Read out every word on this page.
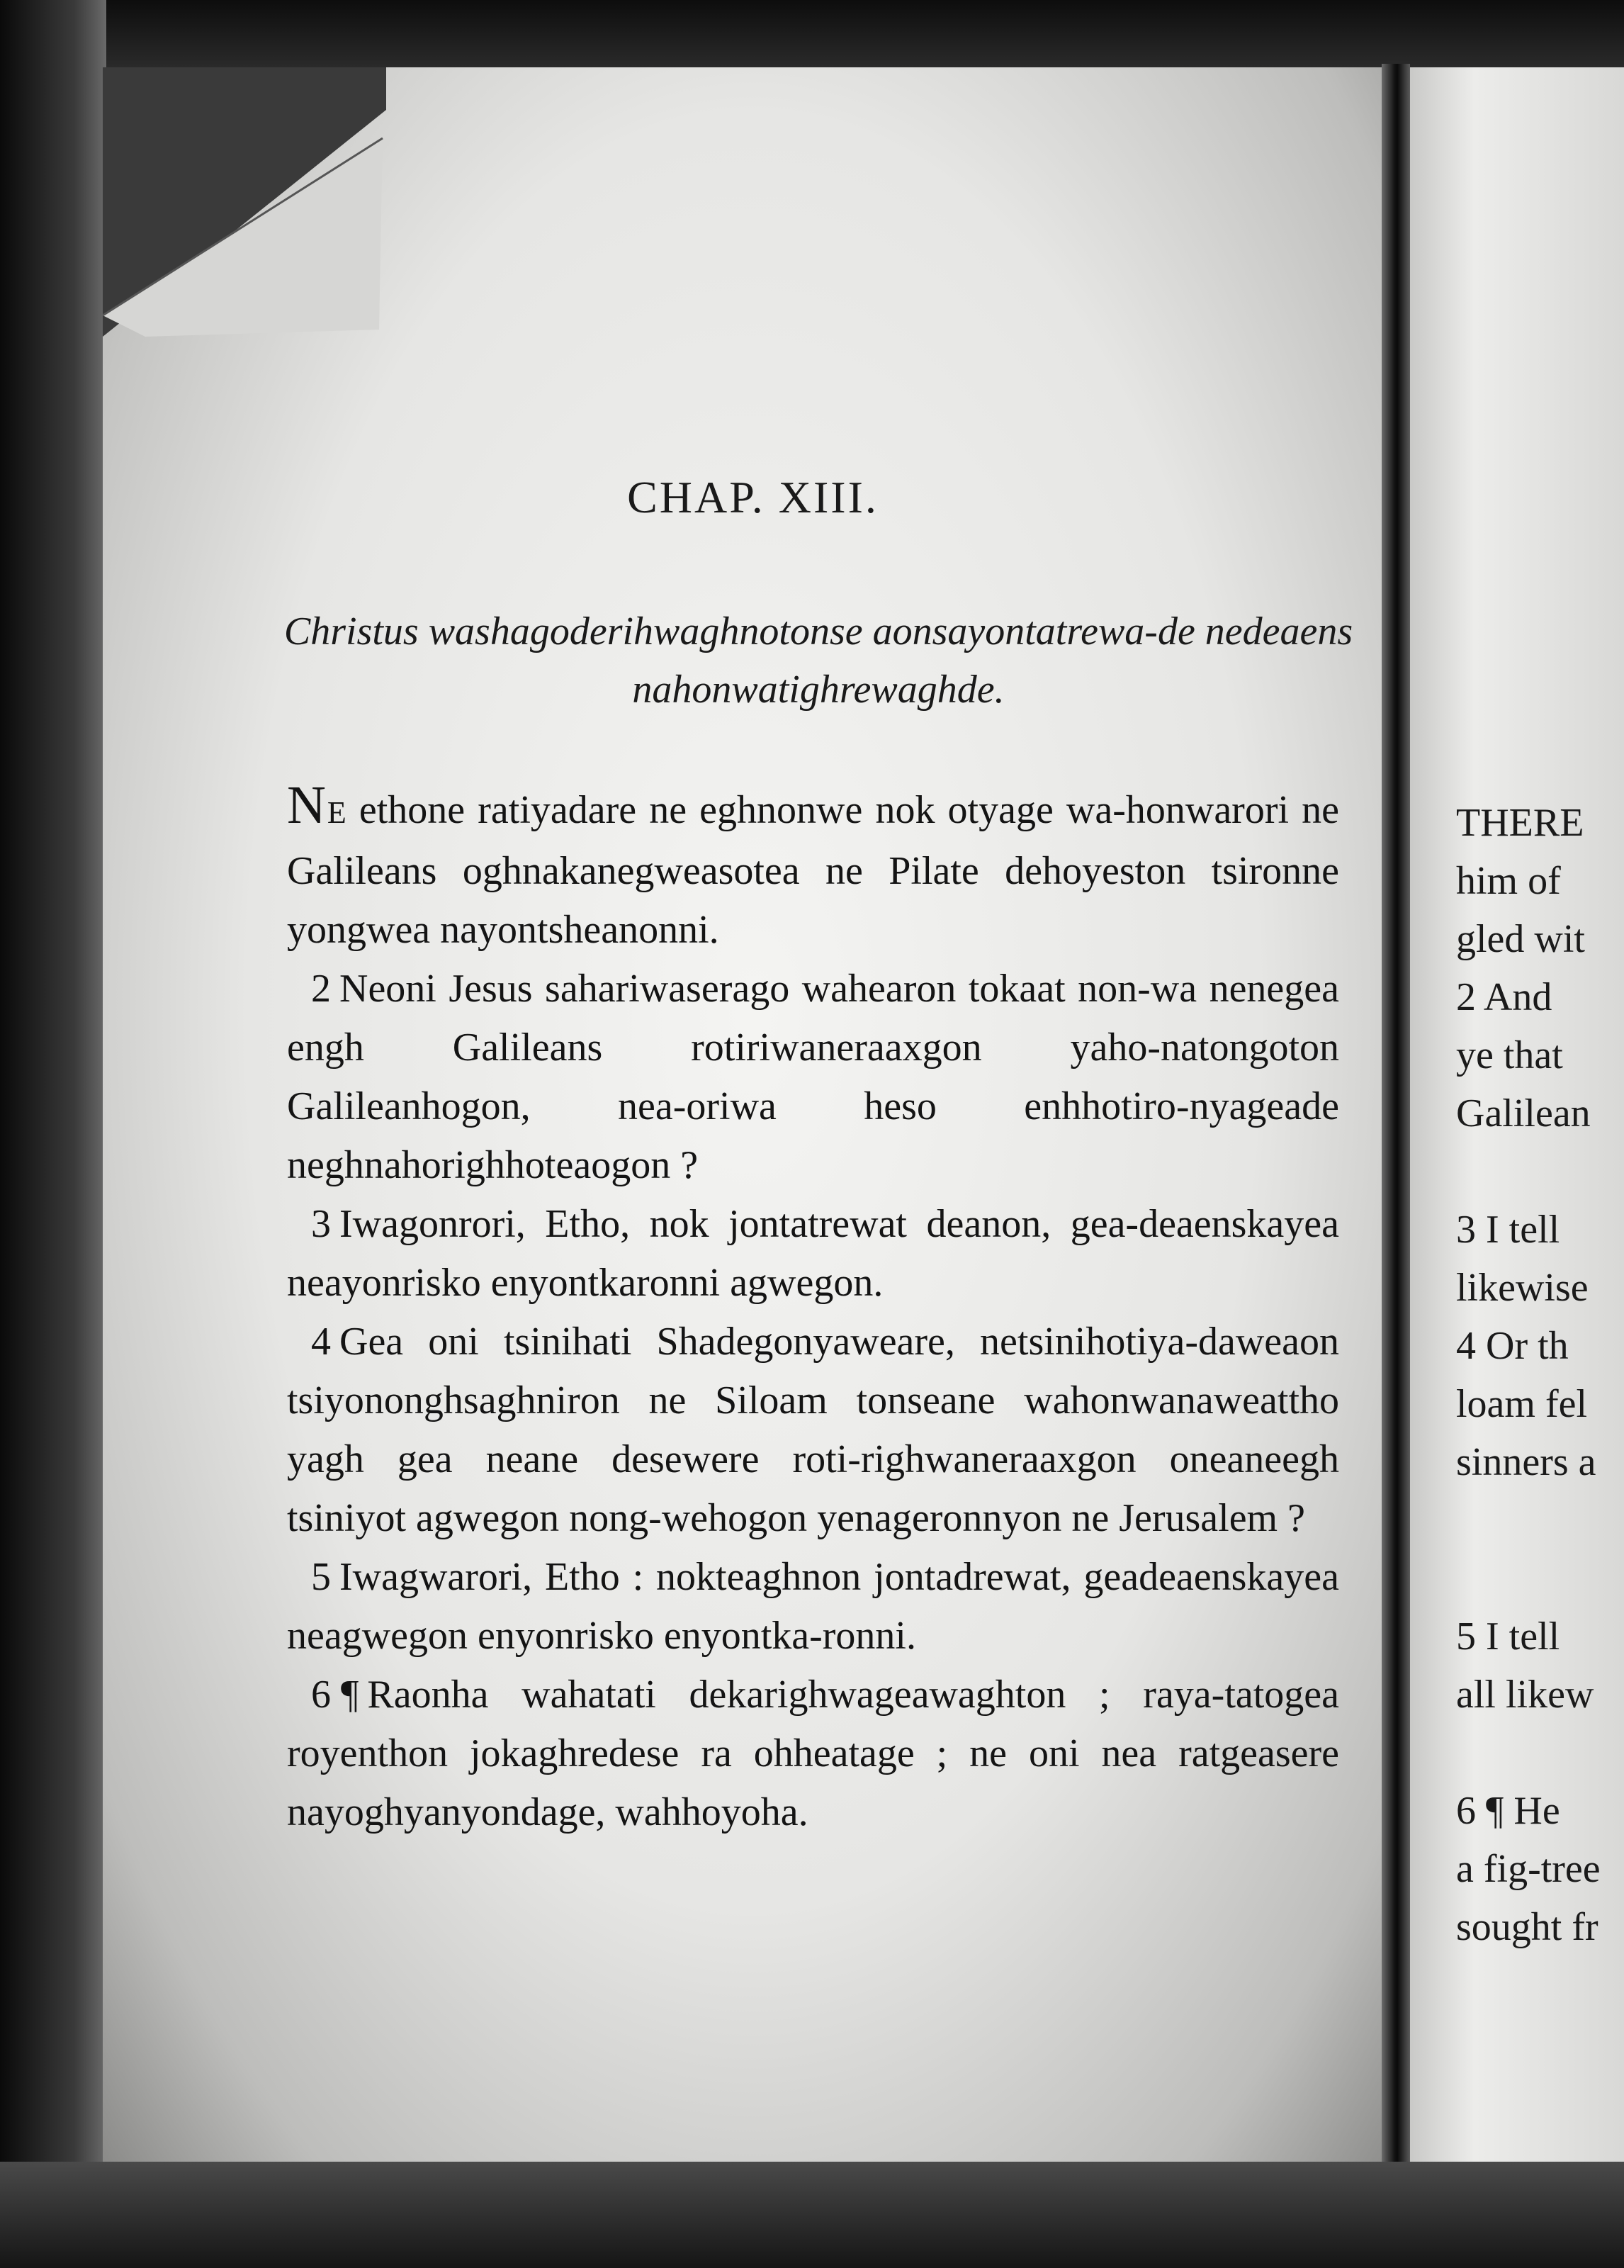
THERE
him of
gled wit
2 And
ye that
Galilean
3 I tell
likewise
4 Or th
loam fel
sinners a
5 I tell
all likew
6 ¶ He
a fig-tree
sought fr
CHAP. XIII.

Christus washagoderihwaghnotonse aonsayontatrewa-de nedeaens nahonwatighrewaghde.

NE ethone ratiyadare ne eghnonwe nok otyage wa-honwarori ne Galileans oghnakanegweasotea ne Pilate dehoyeston tsironne yongwea nayontsheanonni.

2 Neoni Jesus sahariwaserago wahearon tokaat non-wa nenegea engh Galileans rotiriwaneraaxgon yaho-natongoton Galileanhogon, nea-oriwa heso enhhotiro-nyageade neghnahorighhoteaogon ?

3 Iwagonrori, Etho, nok jontatrewat deanon, gea-deaenskayea neayonrisko enyontkaronni agwegon.

4 Gea oni tsinihati Shadegonyaweare, netsinihotiya-daweaon tsiyononghsaghniron ne Siloam tonseane wahonwanaweattho yagh gea neane desewere roti-righwaneraaxgon oneaneegh tsiniyot agwegon nong-wehogon yenageronnyon ne Jerusalem ?

5 Iwagwarori, Etho : nokteaghnon jontadrewat, geadeaenskayea neagwegon enyonrisko enyontka-ronni.

6 ¶ Raonha wahatati dekarighwageawaghton ; raya-tatogea royenthon jokaghredese ra ohheatage ; ne oni nea ratgeasere nayoghyanyondage, wahhoyoha.
